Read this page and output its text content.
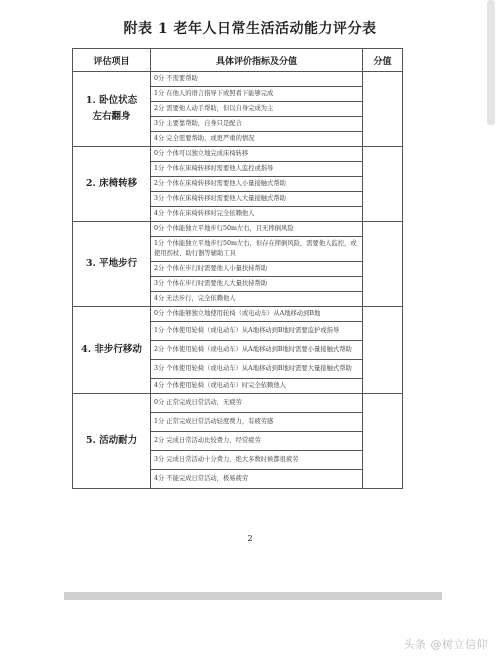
附表 1 老年人日常生活活动能力评分表
评估项目	具体评价指标及分值	分值

1. 卧位状态
左右翻身	0分 不需要帮助	
	1分 在他人的语言指导下或照看下能够完成	
	2分 需要他人动手帮助，但以自身完成为主	
	3分 主要靠帮助，自身只是配合	
	4分 完全需要帮助，或更严重的情况	

2. 床椅转移	0分 个体可以独立地完成床椅转移	
	1分 个体在床椅转移时需要他人监控或指导	
	2分 个体在床椅转移时需要他人小量接触式帮助	
	3分 个体在床椅转移时需要他人大量接触式帮助	
	4分 个体在床椅转移时完全依赖他人	

3. 平地步行	0分 个体能独立平地步行50m左右，且无摔倒风险	
	1分 个体能独立平地步行50m左右，但存在摔倒风险，需要他人监控，或使用拐杖、助行器等辅助工具	
	2分 个体在步行时需要他人小量扶持帮助	
	3分 个体在步行时需要他人大量扶持帮助	
	4分 无法步行，完全依赖他人	

4. 非步行移动	0分 个体能够独立地使用轮椅（或电动车）从A地移动到B地	
	1分 个体使用轮椅（或电动车）从A地移动到B地时需要监护或指导	
	2分 个体使用轮椅（或电动车）从A地移动到B地时需要小量接触式帮助	
	3分 个体使用轮椅（或电动车）从A地移动到B地时需要大量接触式帮助	
	4分 个体使用轮椅（或电动车）时完全依赖他人	

5. 活动耐力	0分 正常完成日常活动，无疲劳	
	1分 正常完成日常活动轻度费力，有疲劳感	
	2分 完成日常活动比较费力，经常疲劳	
	3分 完成日常活动十分费力，绝大多数时候都很疲劳	
	4分 不能完成日常活动，极易疲劳	
2
头条 @树立信仰
